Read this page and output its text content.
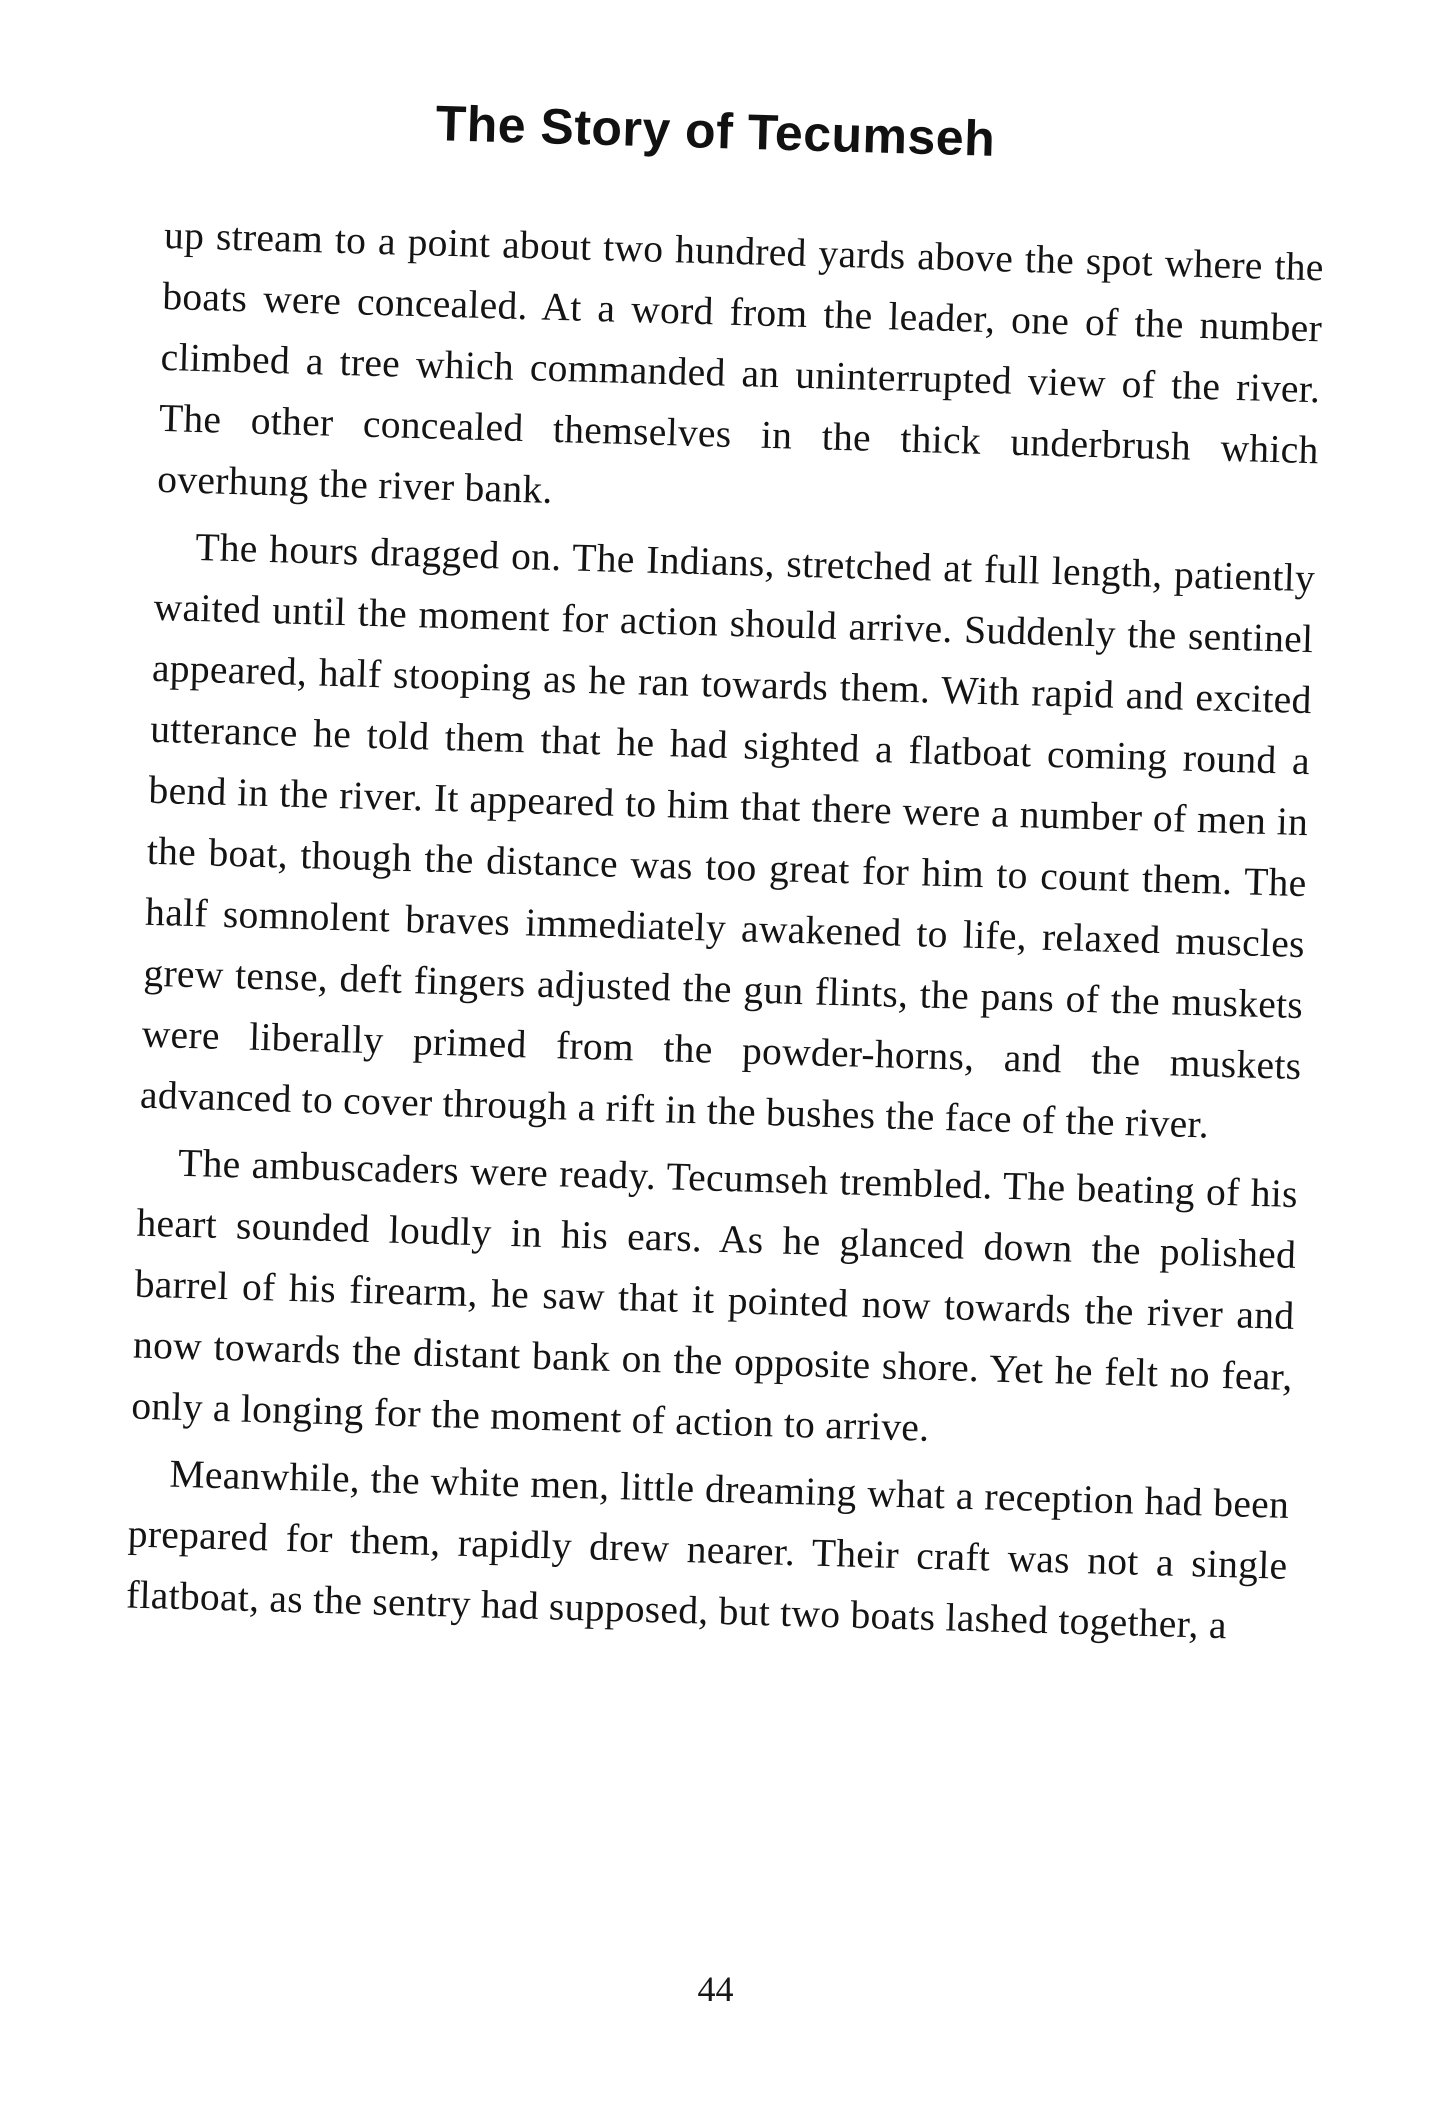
The Story of Tecumseh

up stream to a point about two hundred yards above the spot where the boats were concealed. At a word from the leader, one of the number climbed a tree which commanded an uninterrupted view of the river. The other concealed themselves in the thick underbrush which overhung the river bank.

The hours dragged on. The Indians, stretched at full length, patiently waited until the moment for action should arrive. Suddenly the sentinel appeared, half stooping as he ran towards them. With rapid and excited utterance he told them that he had sighted a flatboat coming round a bend in the river. It appeared to him that there were a number of men in the boat, though the distance was too great for him to count them. The half somnolent braves immediately awakened to life, relaxed muscles grew tense, deft fingers adjusted the gun flints, the pans of the muskets were liberally primed from the powder-horns, and the muskets advanced to cover through a rift in the bushes the face of the river.

The ambuscaders were ready. Tecumseh trembled. The beating of his heart sounded loudly in his ears. As he glanced down the polished barrel of his firearm, he saw that it pointed now towards the river and now towards the distant bank on the opposite shore. Yet he felt no fear, only a longing for the moment of action to arrive.

Meanwhile, the white men, little dreaming what a reception had been prepared for them, rapidly drew nearer. Their craft was not a single flatboat, as the sentry had supposed, but two boats lashed together, a

44
